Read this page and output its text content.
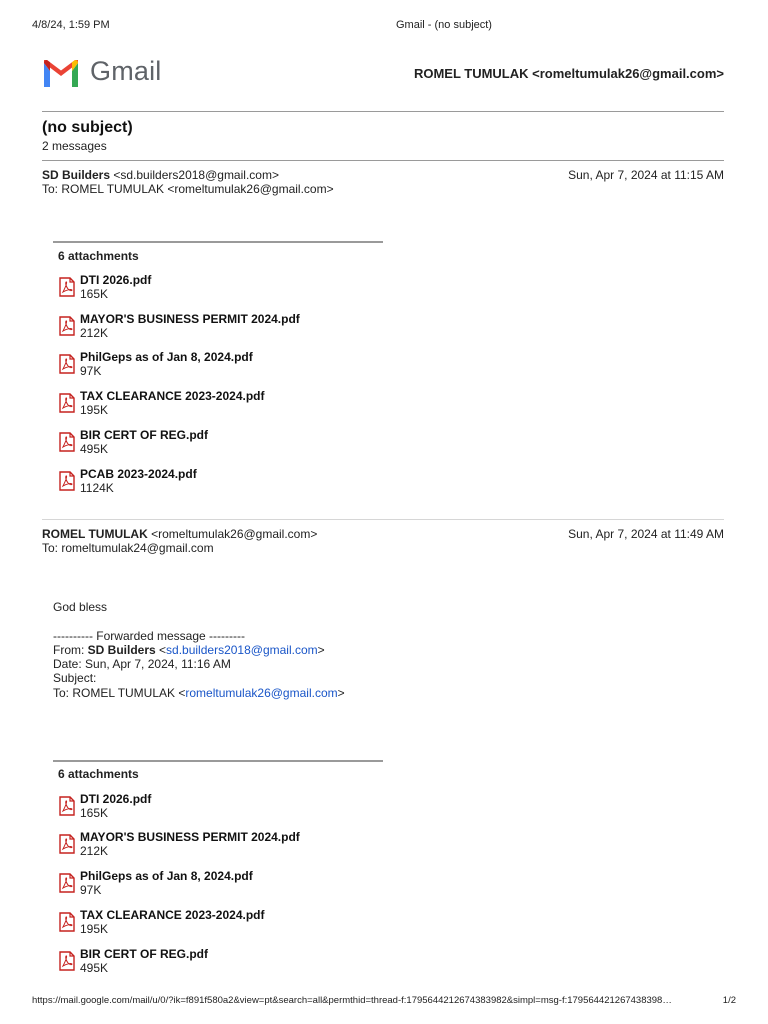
4/8/24, 1:59 PM	Gmail - (no subject)
Gmail	ROMEL TUMULAK <romeltumulak26@gmail.com>
(no subject)
2 messages
SD Builders <sd.builders2018@gmail.com>
To: ROMEL TUMULAK <romeltumulak26@gmail.com>
Sun, Apr 7, 2024 at 11:15 AM
6 attachments
DTI 2026.pdf
165K
MAYOR'S BUSINESS PERMIT 2024.pdf
212K
PhilGeps as of Jan 8, 2024.pdf
97K
TAX CLEARANCE 2023-2024.pdf
195K
BIR CERT OF REG.pdf
495K
PCAB 2023-2024.pdf
1124K
ROMEL TUMULAK <romeltumulak26@gmail.com>
To: romeltumulak24@gmail.com
Sun, Apr 7, 2024 at 11:49 AM
God bless
---------- Forwarded message ---------
From: SD Builders <sd.builders2018@gmail.com>
Date: Sun, Apr 7, 2024, 11:16 AM
Subject:
To: ROMEL TUMULAK <romeltumulak26@gmail.com>
6 attachments
DTI 2026.pdf
165K
MAYOR'S BUSINESS PERMIT 2024.pdf
212K
PhilGeps as of Jan 8, 2024.pdf
97K
TAX CLEARANCE 2023-2024.pdf
195K
BIR CERT OF REG.pdf
495K
https://mail.google.com/mail/u/0/?ik=f891f580a2&view=pt&search=all&permthid=thread-f:1795644212674383982&simpl=msg-f:179564421267438398…	1/2
